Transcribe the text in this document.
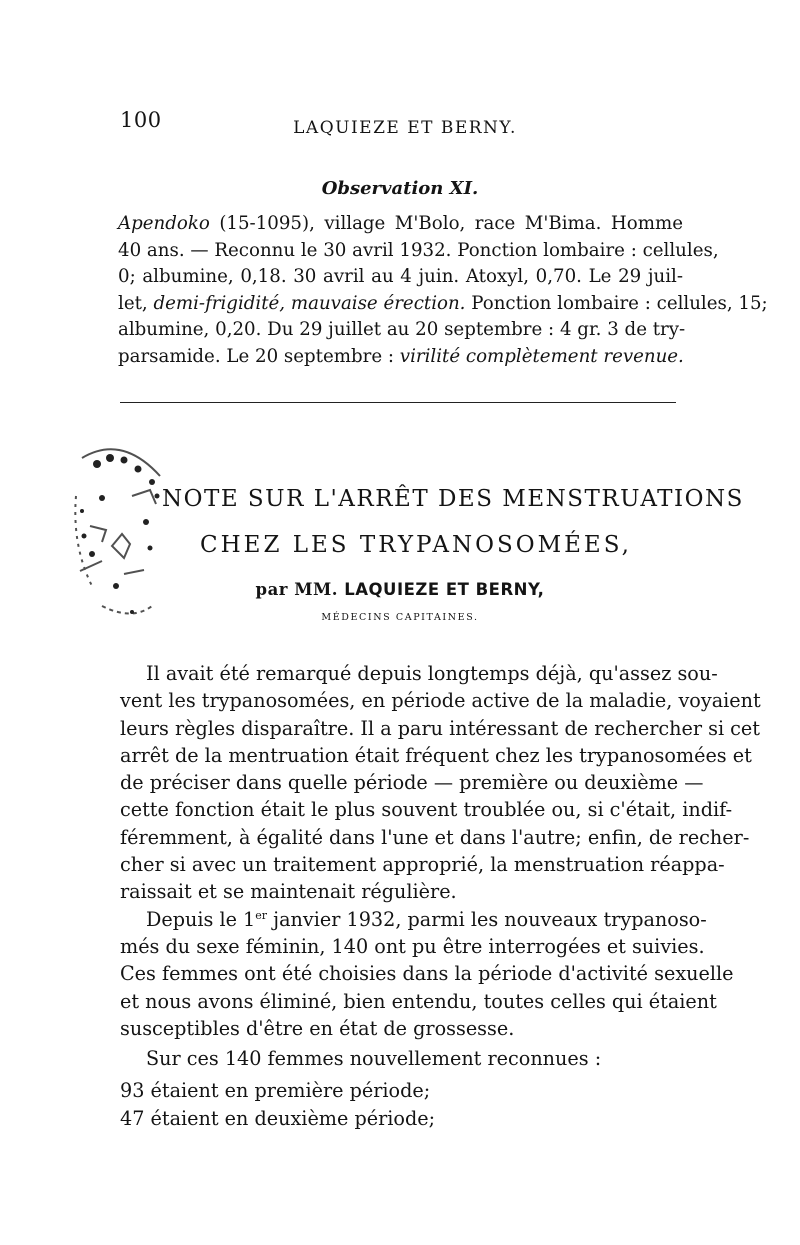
100	LAQUIEZE ET BERNY.
Observation XI.
Apendoko (15-1095), village M'Bolo, race M'Bima. Homme
40 ans. — Reconnu le 30 avril 1932. Ponction lombaire : cellules,
0; albumine, 0,18. 30 avril au 4 juin. Atoxyl, 0,70. Le 29 juil-
let, demi-frigidité, mauvaise érection. Ponction lombaire : cellules, 15;
albumine, 0,20. Du 29 juillet au 20 septembre : 4 gr. 3 de try-
parsamide. Le 20 septembre : virilité complètement revenue.
NOTE SUR L'ARRÊT DES MENSTRUATIONS
CHEZ LES TRYPANOSOMÉES,
par MM. LAQUIEZE ET BERNY,
MÉDECINS CAPITAINES.
Il avait été remarqué depuis longtemps déjà, qu'assez sou-
vent les trypanosomées, en période active de la maladie, voyaient
leurs règles disparaître. Il a paru intéressant de rechercher si cet
arrêt de la mentruation était fréquent chez les trypanosomées et
de préciser dans quelle période — première ou deuxième —
cette fonction était le plus souvent troublée ou, si c'était, indif-
féremment, à égalité dans l'une et dans l'autre; enfin, de recher-
cher si avec un traitement approprié, la menstruation réappa-
raissait et se maintenait régulière.
Depuis le 1er janvier 1932, parmi les nouveaux trypanoso-
més du sexe féminin, 140 ont pu être interrogées et suivies.
Ces femmes ont été choisies dans la période d'activité sexuelle
et nous avons éliminé, bien entendu, toutes celles qui étaient
susceptibles d'être en état de grossesse.
Sur ces 140 femmes nouvellement reconnues :
93 étaient en première période;
47 étaient en deuxième période;
